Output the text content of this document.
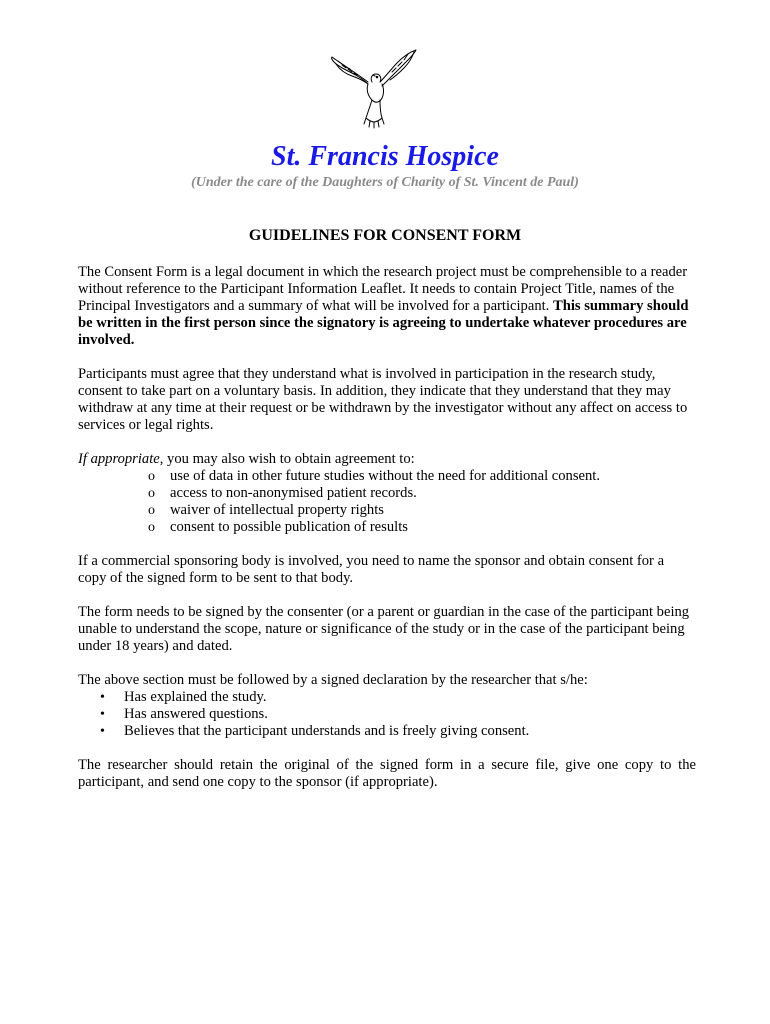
St. Francis Hospice
(Under the care of the Daughters of Charity of St. Vincent de Paul)
GUIDELINES FOR CONSENT FORM

The Consent Form is a legal document in which the research project must be comprehensible to a reader without reference to the Participant Information Leaflet. It needs to contain Project Title, names of the Principal Investigators and a summary of what will be involved for a participant. This summary should be written in the first person since the signatory is agreeing to undertake whatever procedures are involved.

Participants must agree that they understand what is involved in participation in the research study, consent to take part on a voluntary basis. In addition, they indicate that they understand that they may withdraw at any time at their request or be withdrawn by the investigator without any affect on access to services or legal rights.

If appropriate, you may also wish to obtain agreement to:

o	use of data in other future studies without the need for additional consent.
o	access to non-anonymised patient records.
o	waiver of intellectual property rights
o	consent to possible publication of results

If a commercial sponsoring body is involved, you need to name the sponsor and obtain consent for a copy of the signed form to be sent to that body.

The form needs to be signed by the consenter (or a parent or guardian in the case of the participant being unable to understand the scope, nature or significance of the study or in the case of the participant being under 18 years) and dated.

The above section must be followed by a signed declaration by the researcher that s/he:

•	Has explained the study.
•	Has answered questions.
•	Believes that the participant understands and is freely giving consent.

The researcher should retain the original of the signed form in a secure file, give one copy to the participant, and send one copy to the sponsor (if appropriate).
